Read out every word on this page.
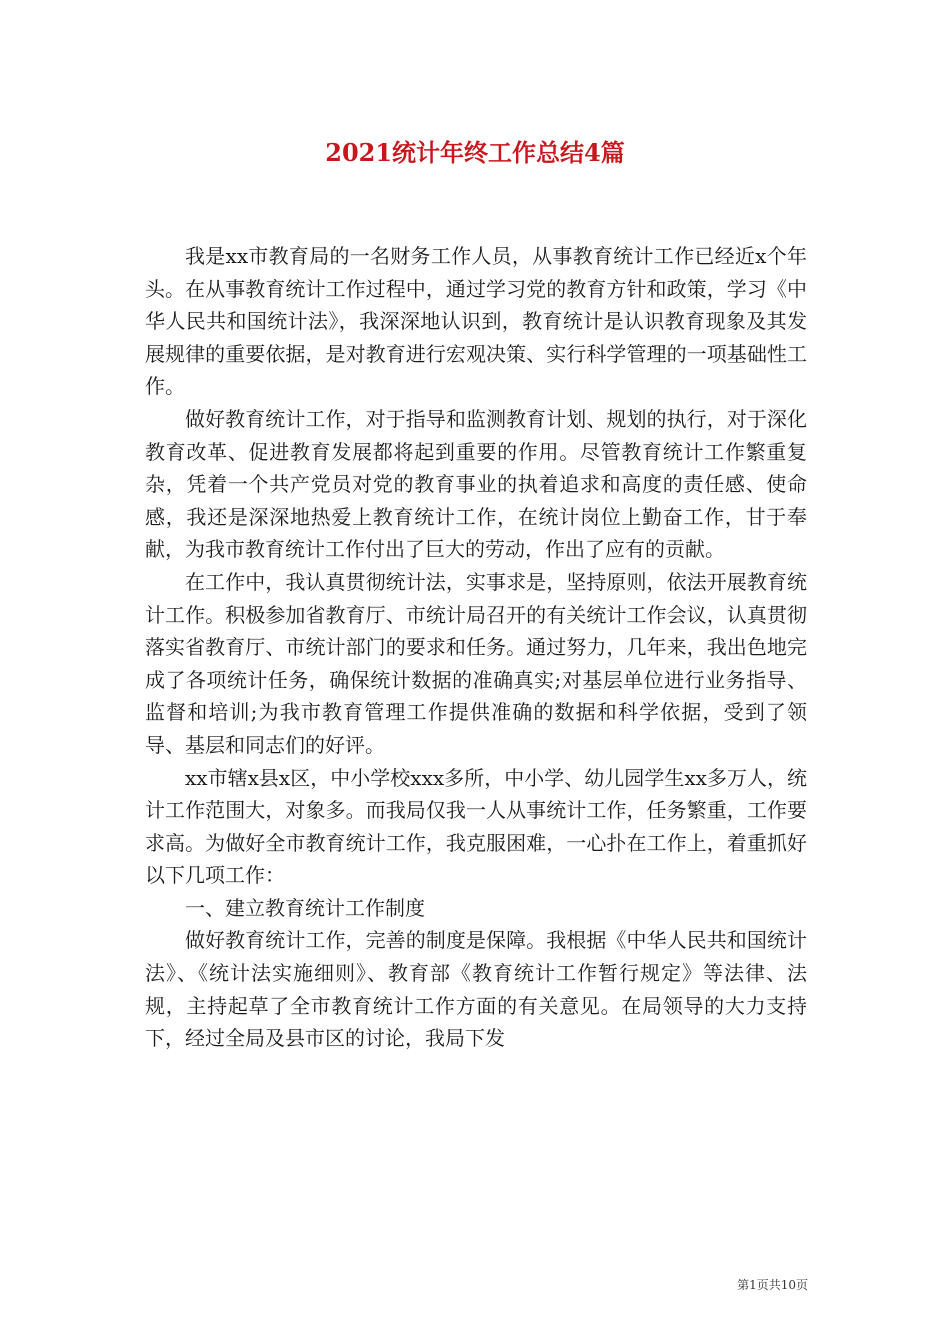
2021统计年终工作总结4篇

我是xx市教育局的一名财务工作人员，从事教育统计工作已经近x个年头。在从事教育统计工作过程中，通过学习党的教育方针和政策，学习《中华人民共和国统计法》，我深深地认识到，教育统计是认识教育现象及其发展规律的重要依据，是对教育进行宏观决策、实行科学管理的一项基础性工作。

做好教育统计工作，对于指导和监测教育计划、规划的执行，对于深化教育改革、促进教育发展都将起到重要的作用。尽管教育统计工作繁重复杂，凭着一个共产党员对党的教育事业的执着追求和高度的责任感、使命感，我还是深深地热爱上教育统计工作，在统计岗位上勤奋工作，甘于奉献，为我市教育统计工作付出了巨大的劳动，作出了应有的贡献。

在工作中，我认真贯彻统计法，实事求是，坚持原则，依法开展教育统计工作。积极参加省教育厅、市统计局召开的有关统计工作会议，认真贯彻落实省教育厅、市统计部门的要求和任务。通过努力，几年来，我出色地完成了各项统计任务，确保统计数据的准确真实;对基层单位进行业务指导、监督和培训;为我市教育管理工作提供准确的数据和科学依据，受到了领导、基层和同志们的好评。

xx市辖x县x区，中小学校xxx多所，中小学、幼儿园学生xx多万人，统计工作范围大，对象多。而我局仅我一人从事统计工作，任务繁重，工作要求高。为做好全市教育统计工作，我克服困难，一心扑在工作上，着重抓好以下几项工作：

一、建立教育统计工作制度

做好教育统计工作，完善的制度是保障。我根据《中华人民共和国统计法》、《统计法实施细则》、教育部《教育统计工作暂行规定》等法律、法规，主持起草了全市教育统计工作方面的有关意见。在局领导的大力支持下，经过全局及县市区的讨论，我局下发

第1页共10页
